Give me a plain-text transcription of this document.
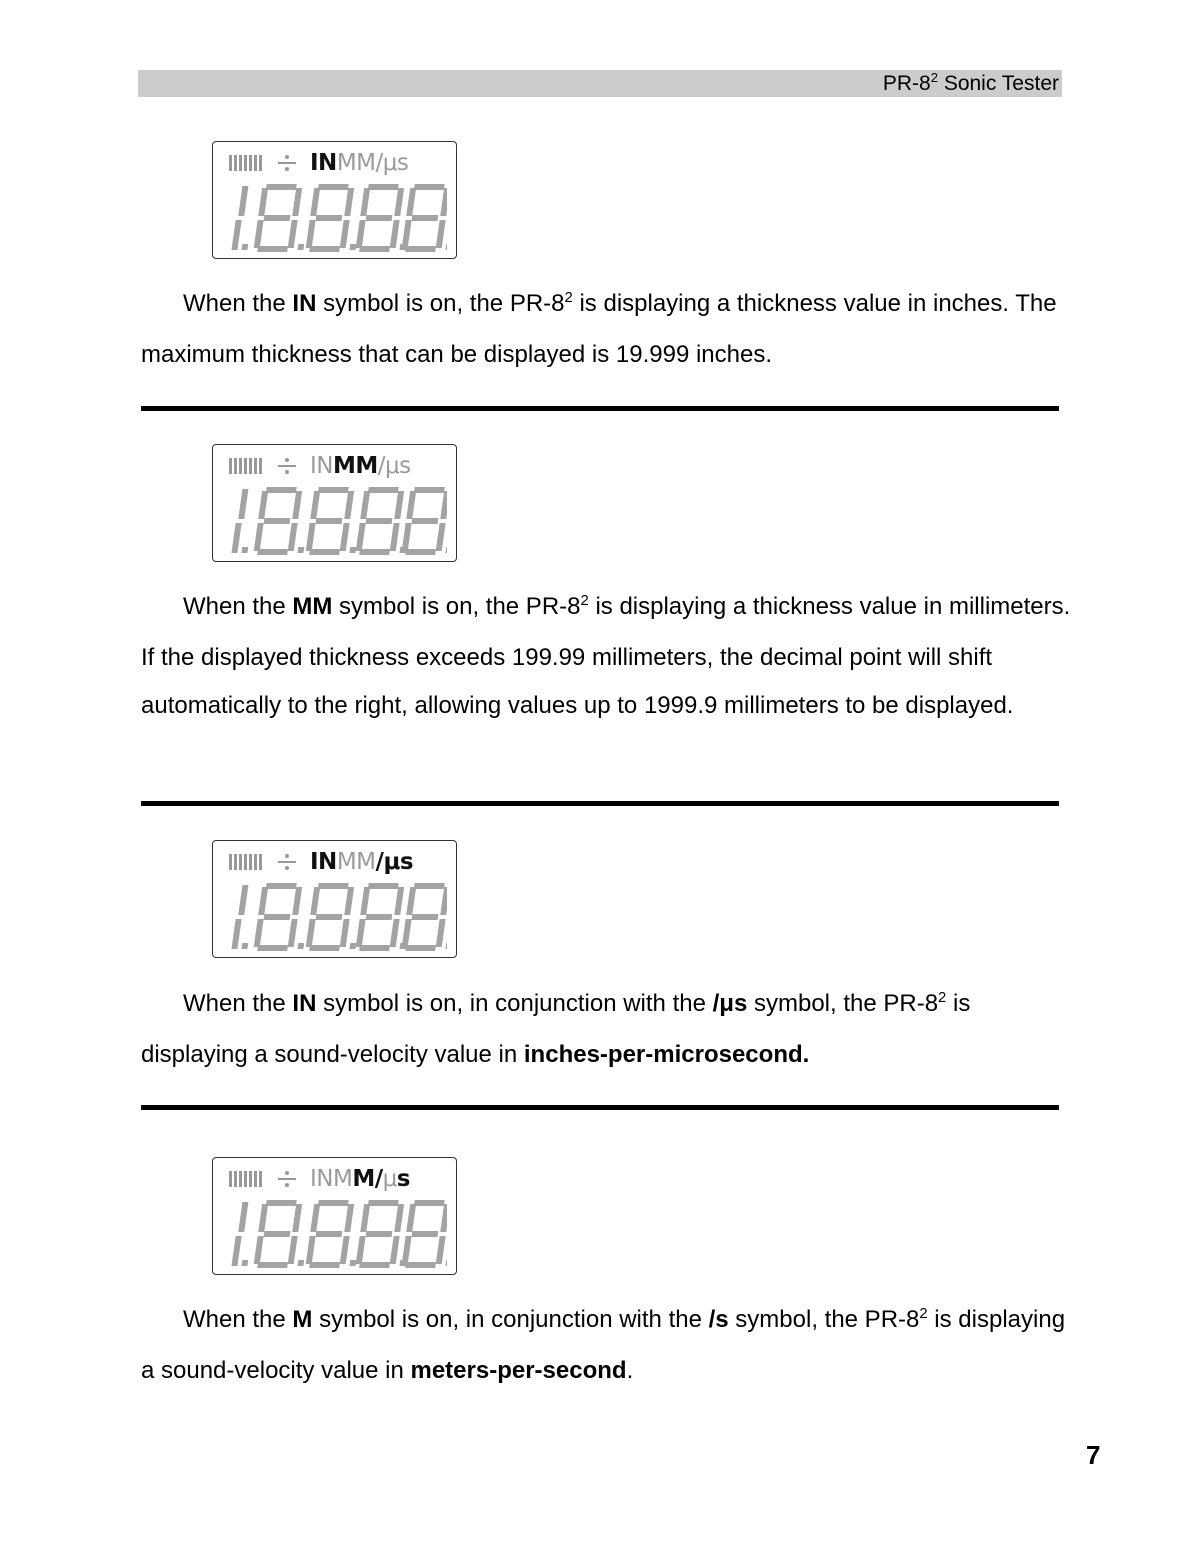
$PR-8^2$ Sonic Tester
IN M M / μ s
IN M M / μ s
IN M M / μ s
IN M M / μ s
When the IN symbol is on, the $PR-8^2$ is displaying a thickness value in inches. The maximum thickness that can be displayed is 19.999 inches.
When the MM symbol is on, the $PR-8^2$ is displaying a thickness value in millimeters. If the displayed thickness exceeds 199.99 millimeters, the decimal point will shift automatically to the right, allowing values up to 1999.9 millimeters to be displayed.
When the IN symbol is on, in conjunction with the /μs symbol, the $PR-8^2$ is displaying a sound-velocity value in inches-per-microsecond.
When the M symbol is on, in conjunction with the /s symbol, the $PR-8^2$ is displaying a sound-velocity value in meters-per-second.
7
